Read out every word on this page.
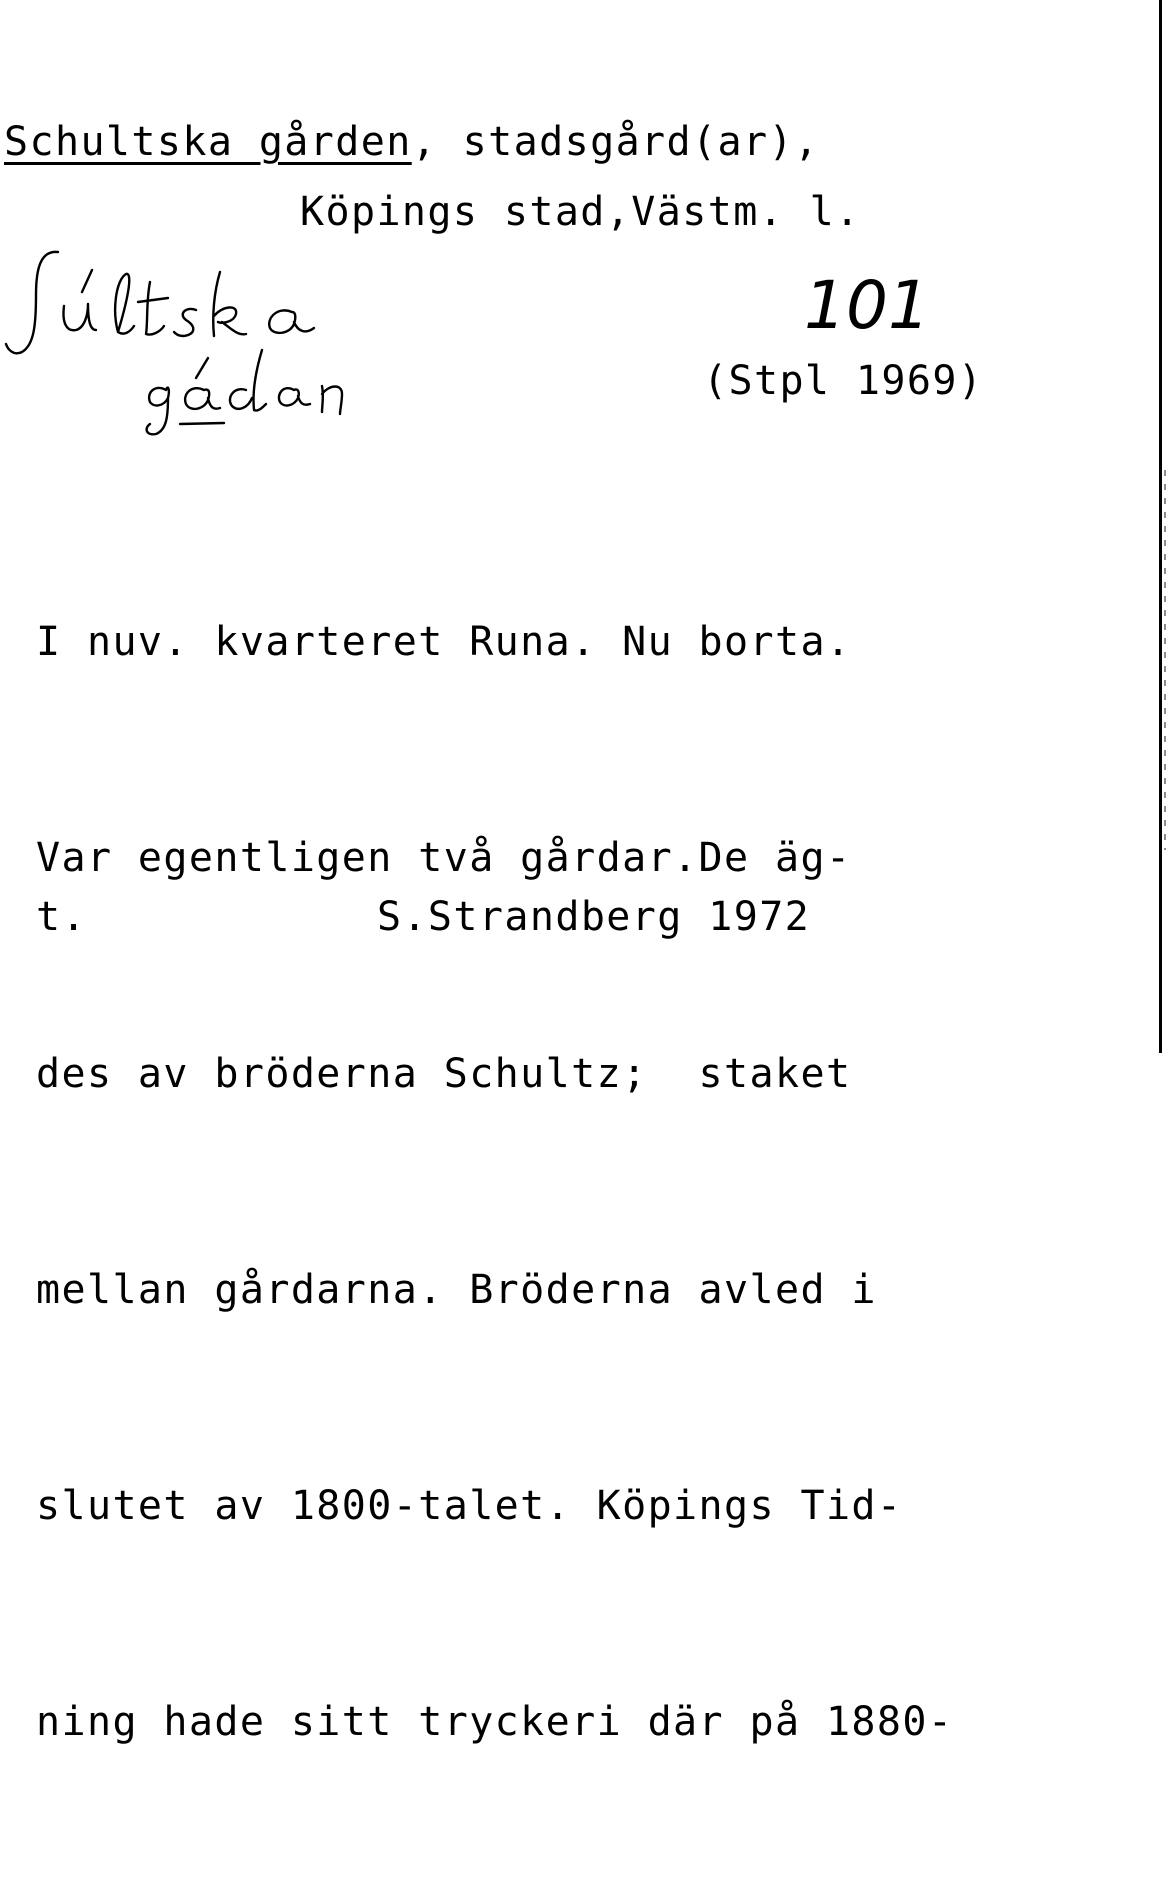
Schultska gården, stadsgård(ar),
Köpings stad,Västm. l.
101
(Stpl 1969)

I nuv. kvarteret Runa. Nu borta.

Var egentligen två gårdar.De äg-

des av bröderna Schultz;  staket

mellan gårdarna. Bröderna avled i

slutet av 1800-talet. Köpings Tid-

ning hade sitt tryckeri där på 1880-

t.	S.Strandberg 1972
